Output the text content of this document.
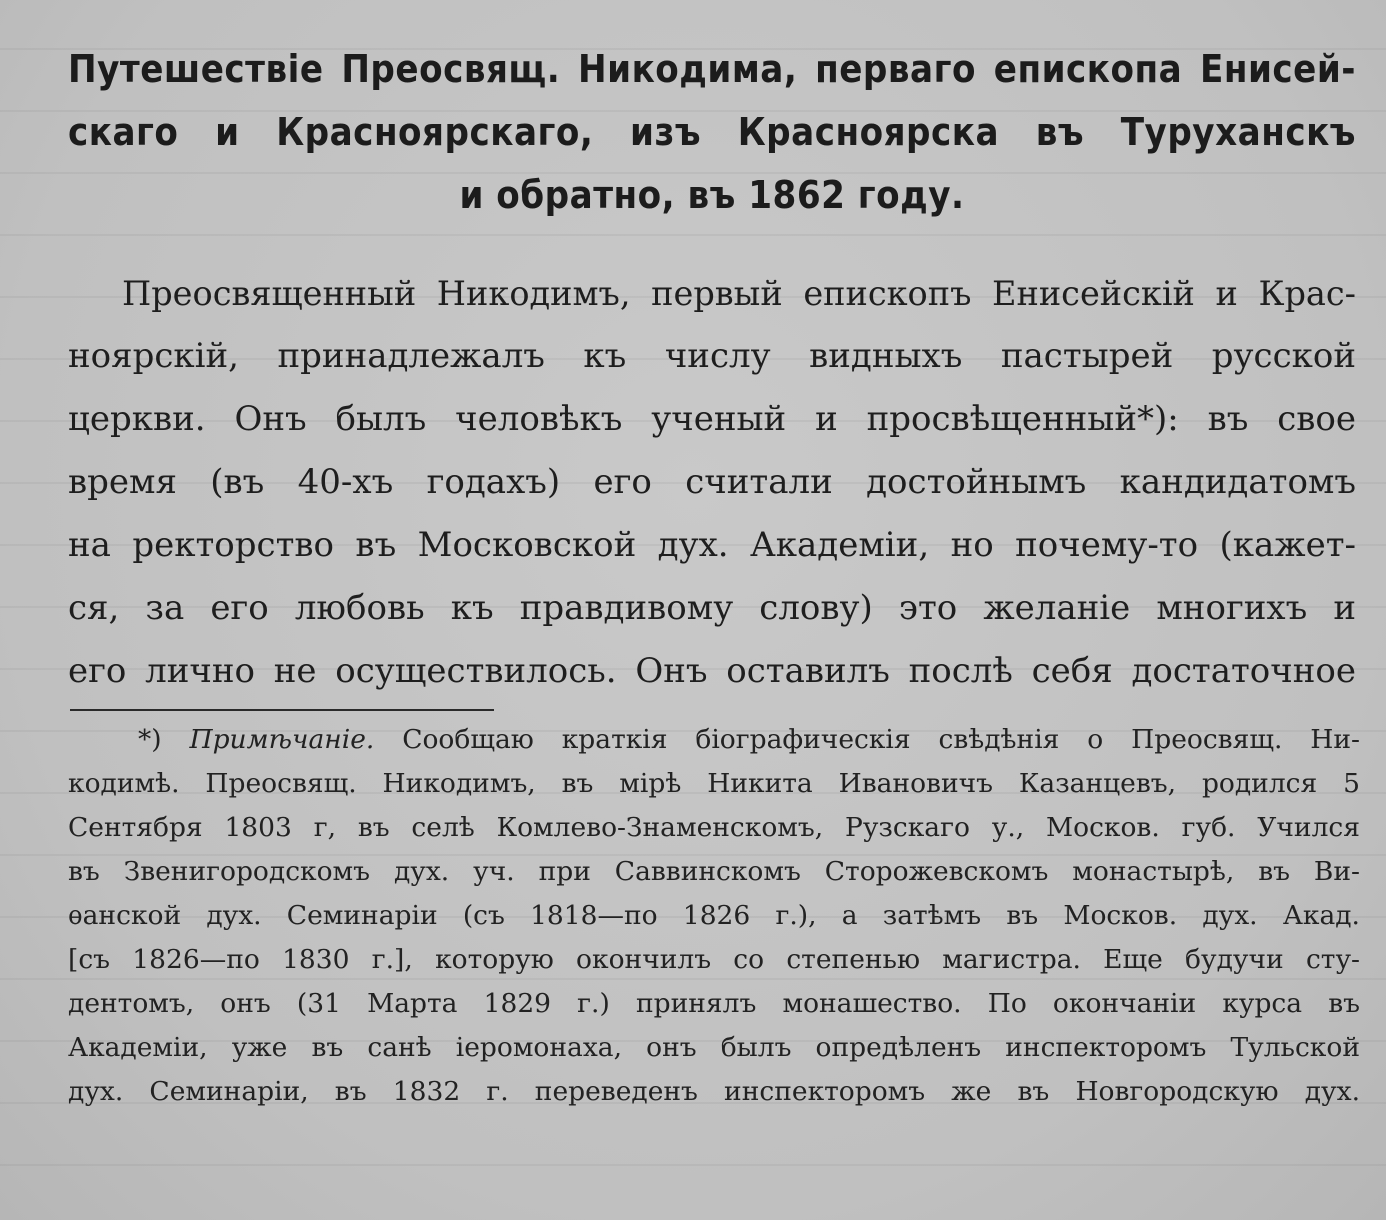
Путешествіе Преосвящ. Никодима, перваго епископа Енисей-
скаго и Красноярскаго, изъ Красноярска въ Туруханскъ
и обратно, въ 1862 году.
Преосвященный Никодимъ, первый епископъ Енисейскій и Крас-
ноярскій, принадлежалъ къ числу видныхъ пастырей русской
церкви. Онъ былъ человѣкъ ученый и просвѣщенный*): въ свое
время (въ 40-хъ годахъ) его считали достойнымъ кандидатомъ
на ректорство въ Московской дух. Академіи, но почему-то (кажет-
ся, за его любовь къ правдивому слову) это желаніе многихъ и
его лично не осуществилось. Онъ оставилъ послѣ себя достаточное
*) Примѣчаніе. Сообщаю краткія біографическія свѣдѣнія о Преосвящ. Ни-
кодимѣ. Преосвящ. Никодимъ, въ мірѣ Никита Ивановичъ Казанцевъ, родился 5
Сентября 1803 г, въ селѣ Комлево-Знаменскомъ, Рузскаго у., Москов. губ. Учился
въ Звенигородскомъ дух. уч. при Саввинскомъ Сторожевскомъ монастырѣ, въ Ви-
ѳанской дух. Семинаріи (съ 1818—по 1826 г.), а затѣмъ въ Москов. дух. Акад.
[съ 1826—по 1830 г.], которую окончилъ со степенью магистра. Еще будучи сту-
дентомъ, онъ (31 Марта 1829 г.) принялъ монашество. По окончаніи курса въ
Академіи, уже въ санѣ іеромонаха, онъ былъ опредѣленъ инспекторомъ Тульской
дух. Семинаріи, въ 1832 г. переведенъ инспекторомъ же въ Новгородскую дух.
